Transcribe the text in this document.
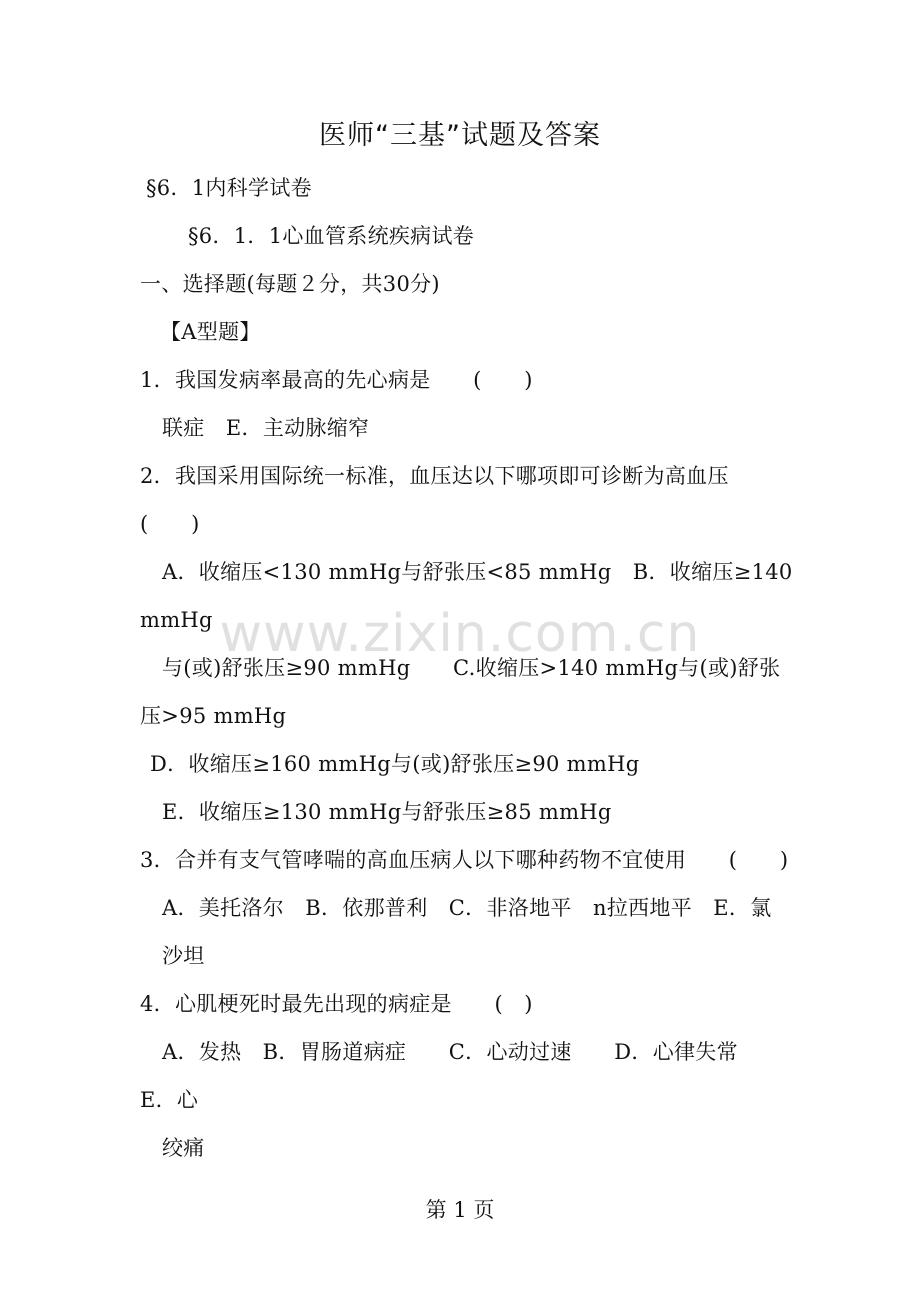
医师“三基”试题及答案
§6．1内科学试卷
§6．1．1心血管系统疾病试卷
一、选择题(每题２分，共30分)
【A型题】
1．我国发病率最高的先心病是　　(　　)
联症　E．主动脉缩窄
2．我国采用国际统一标准，血压达以下哪项即可诊断为高血压
(　　)
A．收缩压<130 mmHg与舒张压<85 mmHg　B．收缩压≥140
mmHg
与(或)舒张压≥90 mmHg　　C.收缩压>140 mmHg与(或)舒张
压>95 mmHg
D．收缩压≥160 mmHg与(或)舒张压≥90 mmHg
E．收缩压≥130 mmHg与舒张压≥85 mmHg
3．合并有支气管哮喘的高血压病人以下哪种药物不宜使用　　(　　)
A．美托洛尔　B．依那普利　C．非洛地平　n拉西地平　E．氯
沙坦
4．心肌梗死时最先出现的病症是　　(　)
A．发热　B．胃肠道病症　　C．心动过速　　D．心律失常
E．心
绞痛
第 1 页
www.zixin.com.cn
